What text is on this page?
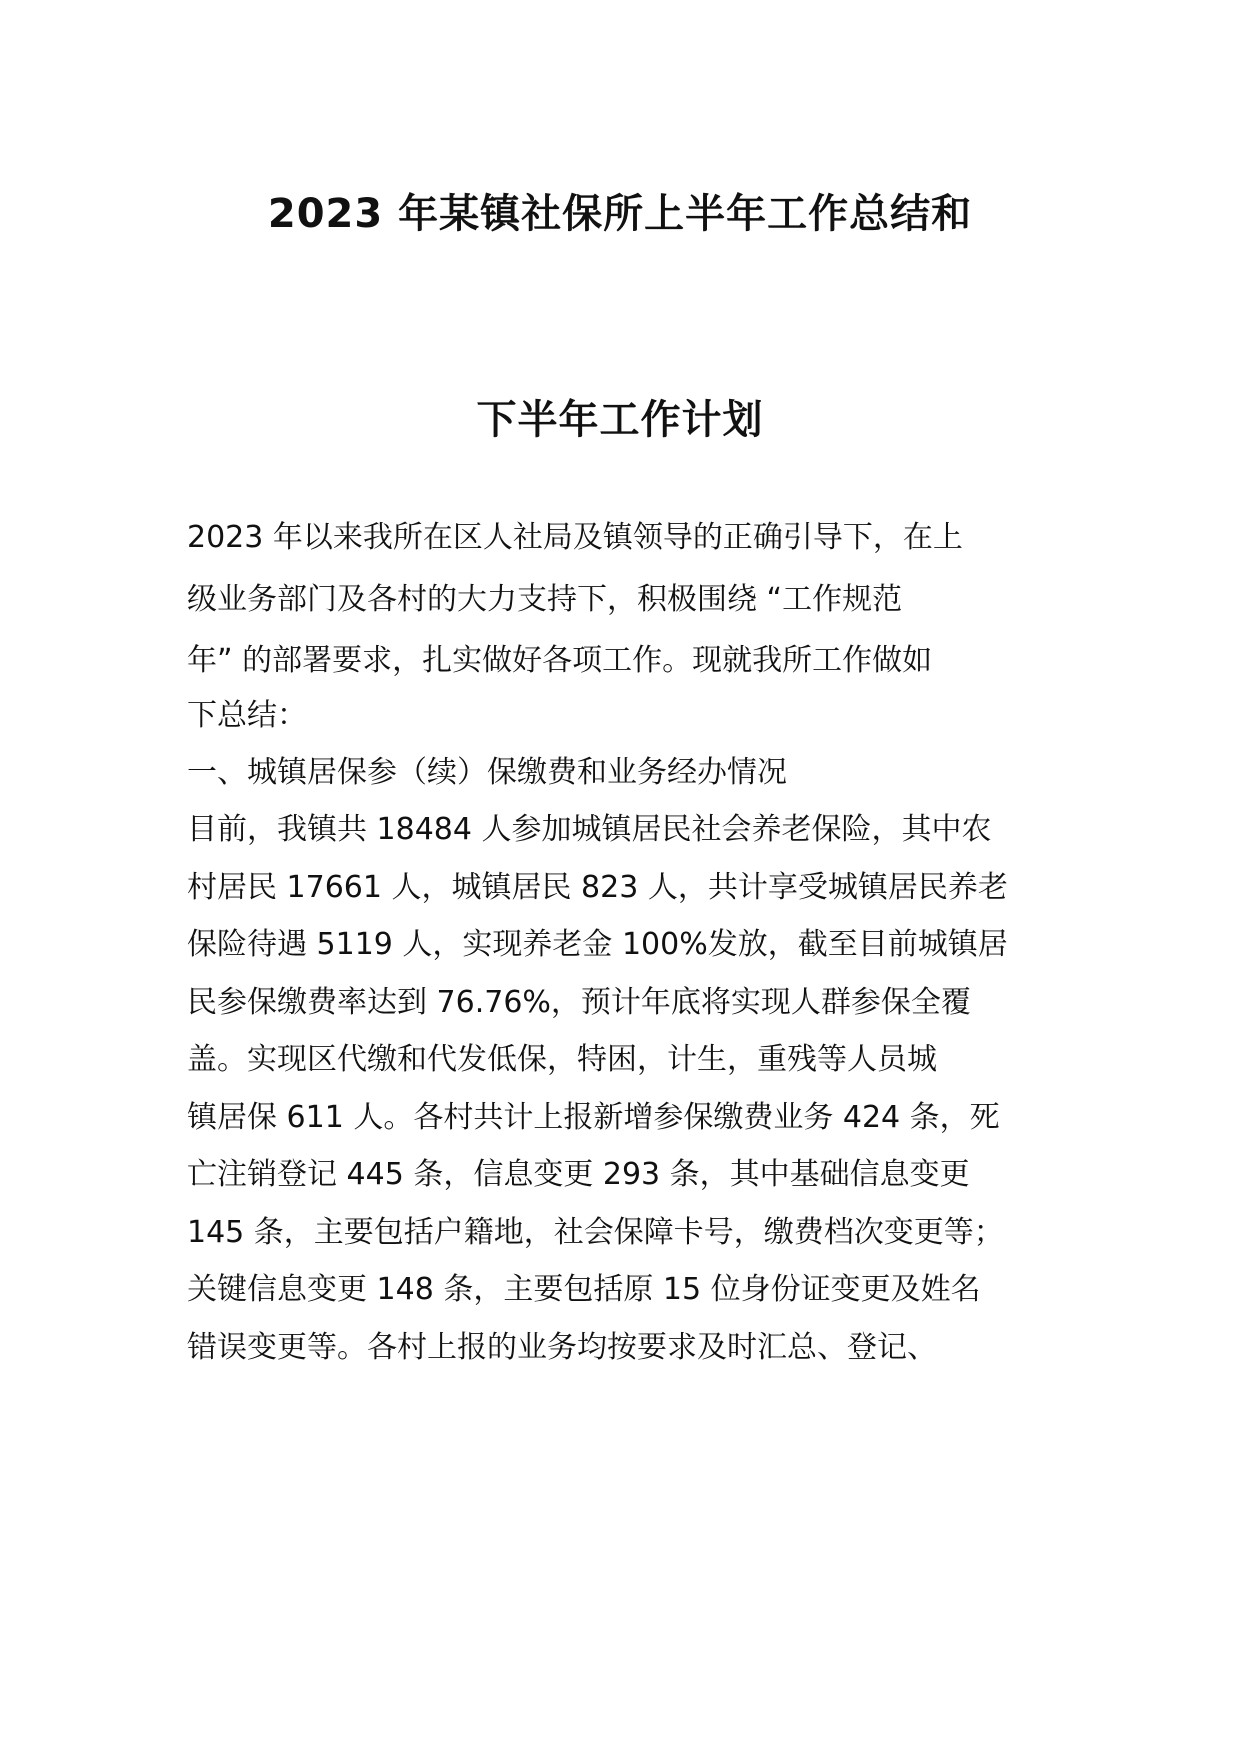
2023 年某镇社保所上半年工作总结和
下半年工作计划
2023 年以来我所在区人社局及镇领导的正确引导下，在上
级业务部门及各村的大力支持下，积极围绕 “工作规范
年” 的部署要求，扎实做好各项工作。现就我所工作做如
下总结：
一、城镇居保参（续）保缴费和业务经办情况
目前，我镇共 18484 人参加城镇居民社会养老保险，其中农
村居民 17661 人，城镇居民 823 人，共计享受城镇居民养老
保险待遇 5119 人，实现养老金 100%发放，截至目前城镇居
民参保缴费率达到 76.76%，预计年底将实现人群参保全覆
盖。实现区代缴和代发低保，特困，计生，重残等人员城
镇居保 611 人。各村共计上报新增参保缴费业务 424 条，死
亡注销登记 445 条，信息变更 293 条，其中基础信息变更
145 条，主要包括户籍地，社会保障卡号，缴费档次变更等；
关键信息变更 148 条，主要包括原 15 位身份证变更及姓名
错误变更等。各村上报的业务均按要求及时汇总、登记、
